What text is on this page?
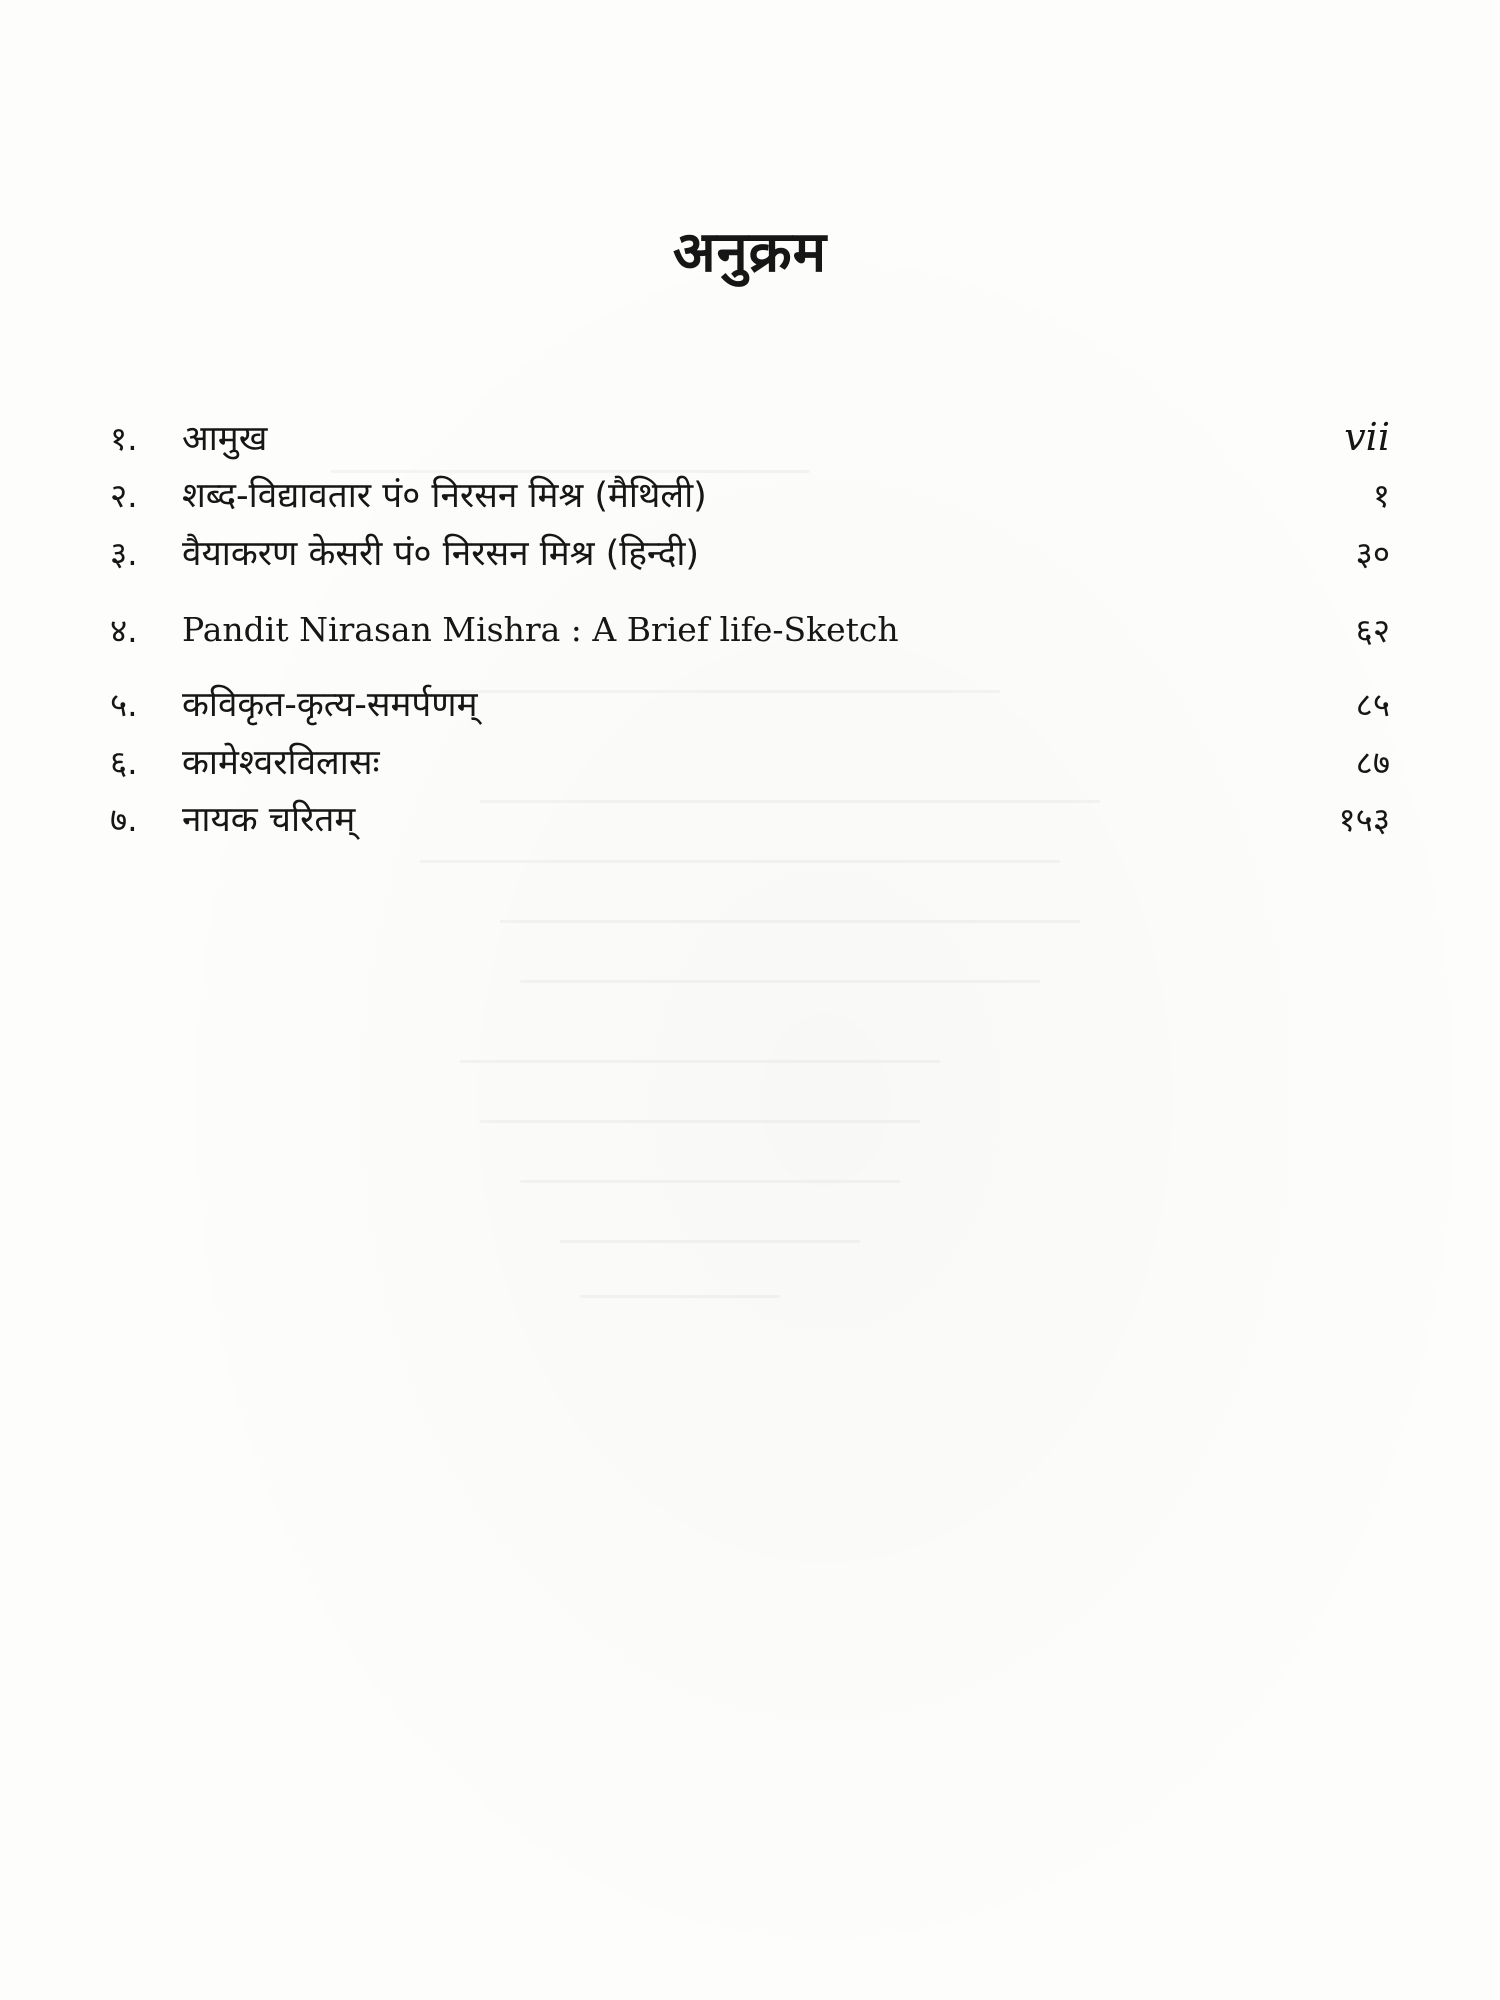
अनुक्रम
१.	आमुख	vii
२.	शब्द-विद्यावतार पं० निरसन मिश्र (मैथिली)	१
३.	वैयाकरण केसरी पं० निरसन मिश्र (हिन्दी)	३०
४.	Pandit Nirasan Mishra : A Brief life-Sketch	६२
५.	कविकृत-कृत्य-समर्पणम्	८५
६.	कामेश्वरविलासः	८७
७.	नायक चरितम्	१५३
